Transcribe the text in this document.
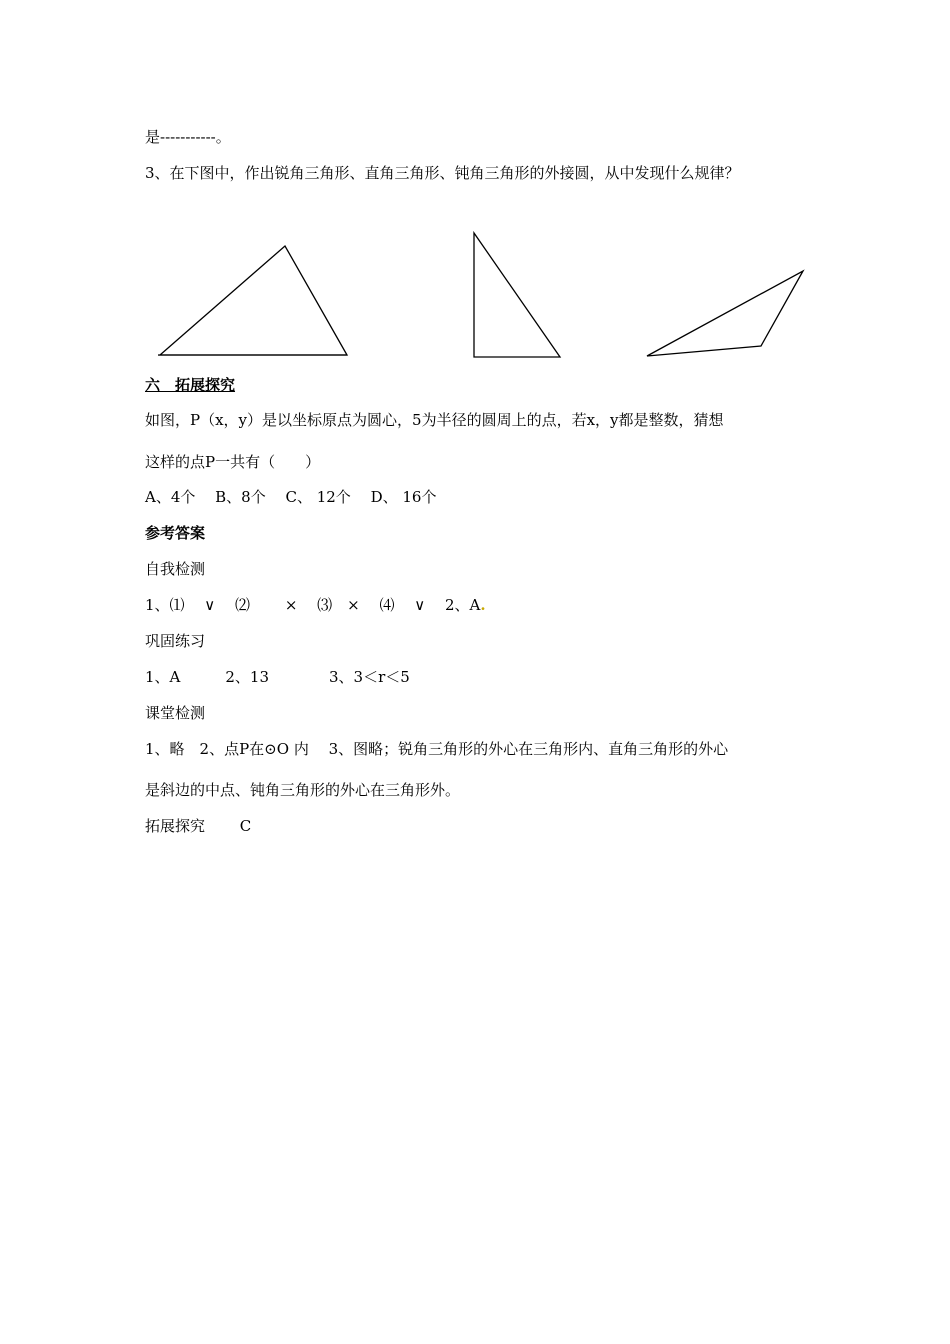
是-----------。
3、在下图中，作出锐角三角形、直角三角形、钝角三角形的外接圆，从中发现什么规律？
六　拓展探究
如图，P（x，y）是以坐标原点为圆心，5为半径的圆周上的点，若x，y都是整数，猜想
这样的点P一共有（　　）
A、4个　 B、8个　 C、 12个　 D、 16个
参考答案
自我检测
1、⑴　 ∨　 ⑵　　 ×　 ⑶　×　 ⑷　 ∨　 2、A.
巩固练习
1、A　　　2、13　　　　3、3＜r＜5
课堂检测
1、略　2、点P在⊙O 内　 3、图略；锐角三角形的外心在三角形内、直角三角形的外心
是斜边的中点、钝角三角形的外心在三角形外。
拓展探究　　 C
